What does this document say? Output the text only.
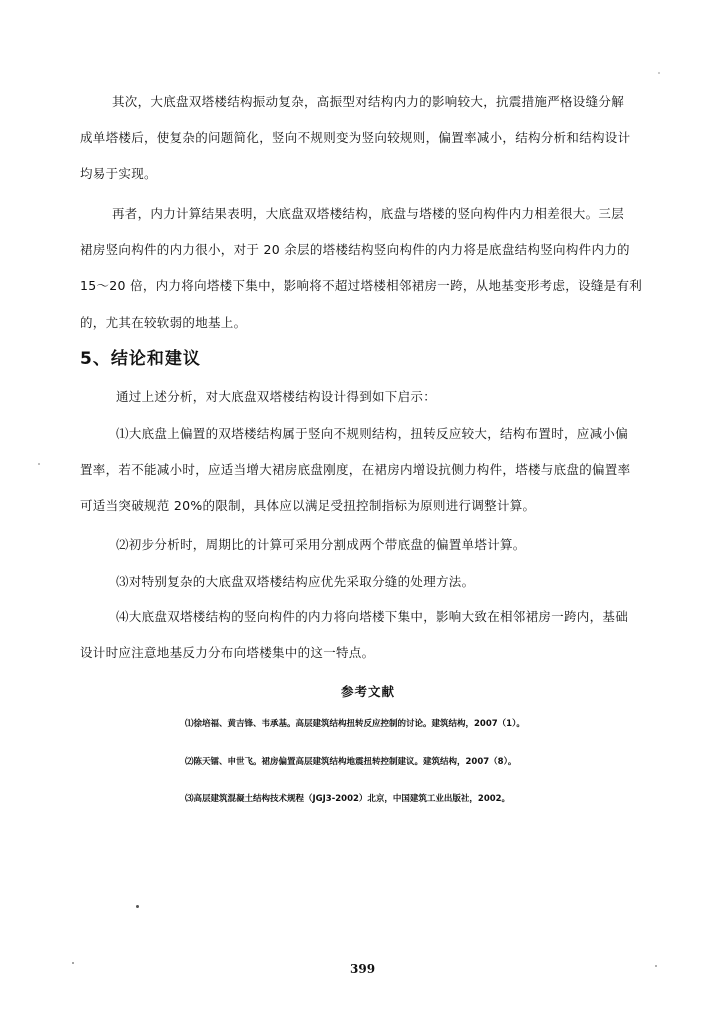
其次，大底盘双塔楼结构振动复杂，高振型对结构内力的影响较大，抗震措施严格设缝分解
成单塔楼后，使复杂的问题简化，竖向不规则变为竖向较规则，偏置率减小，结构分析和结构设计
均易于实现。
再者，内力计算结果表明，大底盘双塔楼结构，底盘与塔楼的竖向构件内力相差很大。三层
裙房竖向构件的内力很小，对于 20 余层的塔楼结构竖向构件的内力将是底盘结构竖向构件内力的
15～20 倍，内力将向塔楼下集中，影响将不超过塔楼相邻裙房一跨，从地基变形考虑，设缝是有利
的，尤其在较软弱的地基上。
5、结论和建议
通过上述分析，对大底盘双塔楼结构设计得到如下启示：
⑴大底盘上偏置的双塔楼结构属于竖向不规则结构，扭转反应较大，结构布置时，应减小偏
置率，若不能减小时，应适当增大裙房底盘刚度，在裙房内增设抗侧力构件，塔楼与底盘的偏置率
可适当突破规范 20%的限制，具体应以满足受扭控制指标为原则进行调整计算。
⑵初步分析时，周期比的计算可采用分割成两个带底盘的偏置单塔计算。
⑶对特别复杂的大底盘双塔楼结构应优先采取分缝的处理方法。
⑷大底盘双塔楼结构的竖向构件的内力将向塔楼下集中，影响大致在相邻裙房一跨内，基础
设计时应注意地基反力分布向塔楼集中的这一特点。
参考文献
⑴徐培福、黄吉锋、韦承基。高层建筑结构扭转反应控制的讨论。建筑结构，2007（1）。
⑵陈天镭、申世飞。裙房偏置高层建筑结构地震扭转控制建议。建筑结构，2007（8）。
⑶高层建筑混凝土结构技术规程（JGJ3-2002）北京，中国建筑工业出版社，2002。
399
